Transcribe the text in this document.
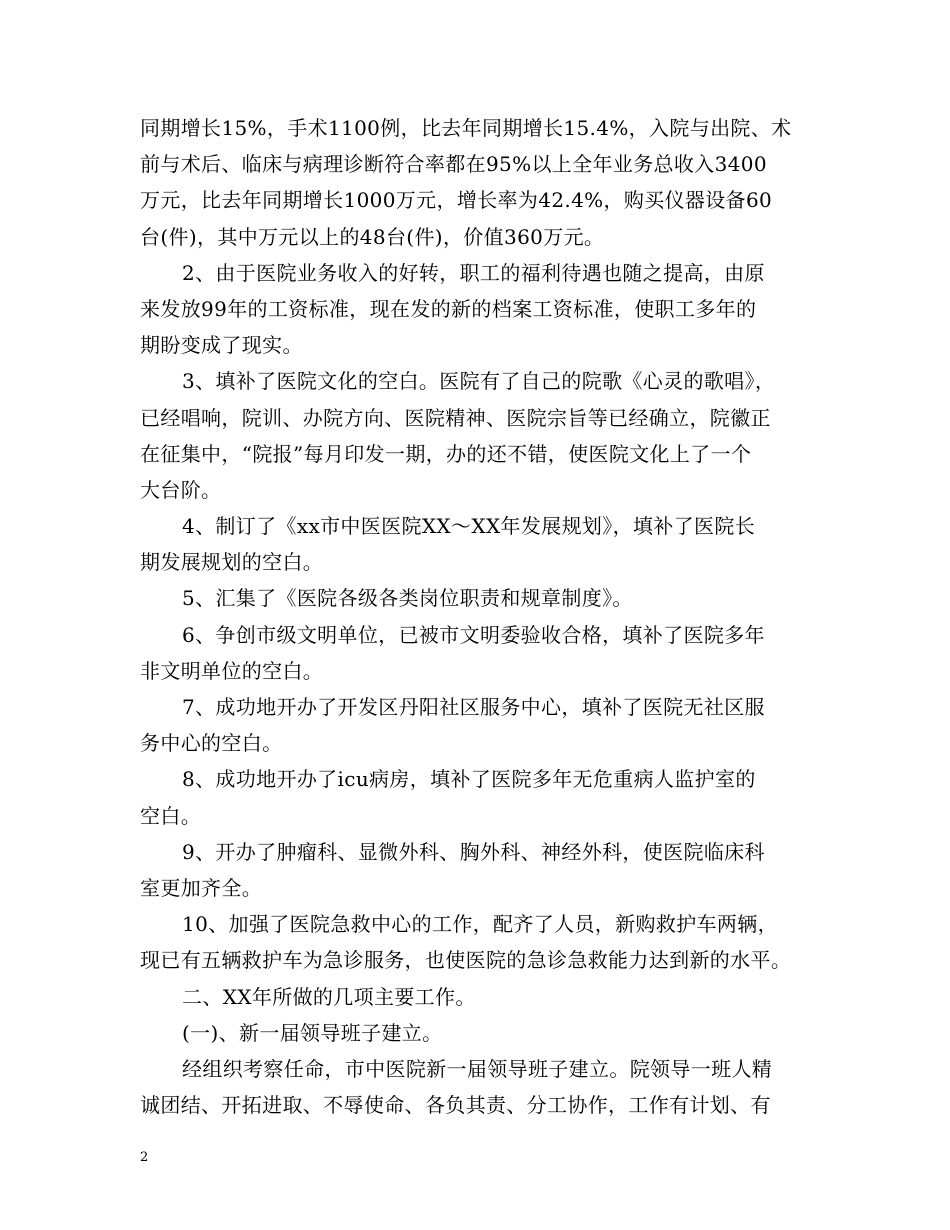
同期增长15%，手术1100例，比去年同期增长15.4%，入院与出院、术
前与术后、临床与病理诊断符合率都在95%以上全年业务总收入3400
万元，比去年同期增长1000万元，增长率为42.4%，购买仪器设备60
台(件)，其中万元以上的48台(件)，价值360万元。
2、由于医院业务收入的好转，职工的福利待遇也随之提高，由原
来发放99年的工资标准，现在发的新的档案工资标准，使职工多年的
期盼变成了现实。
3、填补了医院文化的空白。医院有了自己的院歌《心灵的歌唱》，
已经唱响，院训、办院方向、医院精神、医院宗旨等已经确立，院徽正
在征集中，“院报”每月印发一期，办的还不错，使医院文化上了一个
大台阶。
4、制订了《xx市中医医院XX～XX年发展规划》，填补了医院长
期发展规划的空白。
5、汇集了《医院各级各类岗位职责和规章制度》。
6、争创市级文明单位，已被市文明委验收合格，填补了医院多年
非文明单位的空白。
7、成功地开办了开发区丹阳社区服务中心，填补了医院无社区服
务中心的空白。
8、成功地开办了icu病房，填补了医院多年无危重病人监护室的
空白。
9、开办了肿瘤科、显微外科、胸外科、神经外科，使医院临床科
室更加齐全。
10、加强了医院急救中心的工作，配齐了人员，新购救护车两辆，
现已有五辆救护车为急诊服务，也使医院的急诊急救能力达到新的水平。
二、XX年所做的几项主要工作。
(一)、新一届领导班子建立。
经组织考察任命，市中医院新一届领导班子建立。院领导一班人精
诚团结、开拓进取、不辱使命、各负其责、分工协作，工作有计划、有
2
